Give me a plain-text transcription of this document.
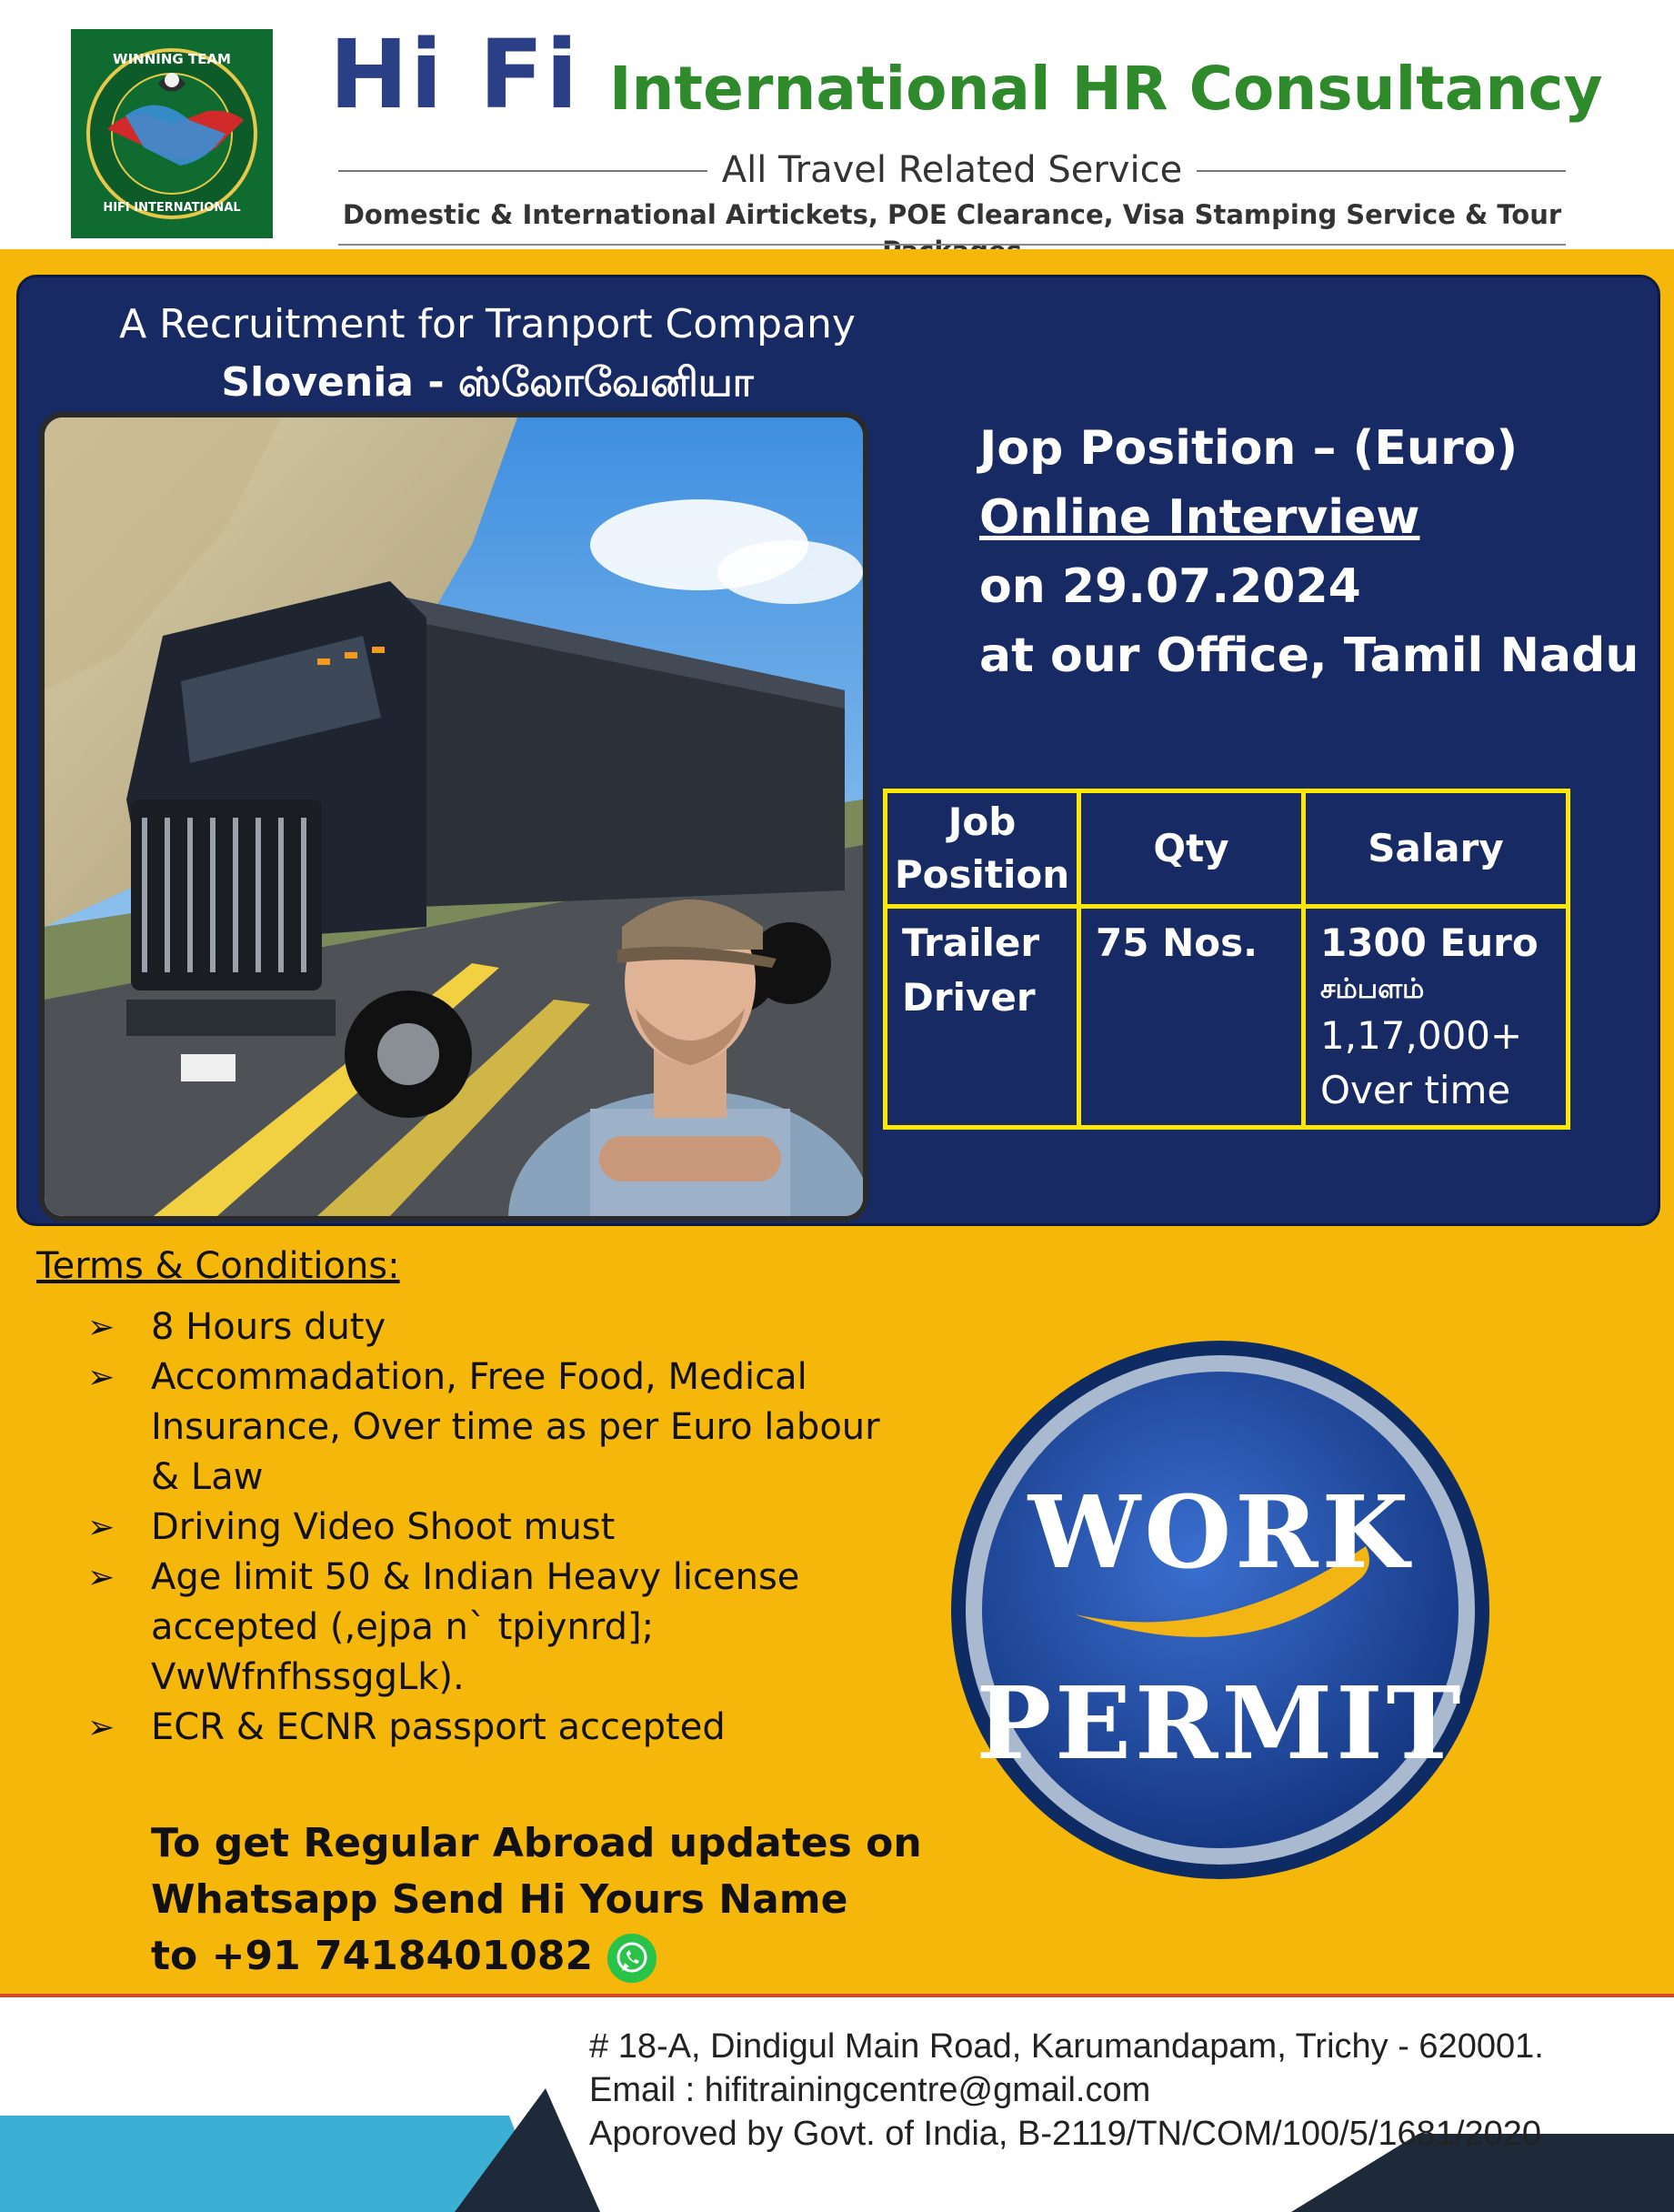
WINNING TEAM
HIFI INTERNATIONAL
Hi Fi International HR Consultancy
All Travel Related Service
Domestic & International Airtickets, POE Clearance, Visa Stamping Service & Tour
A Recruitment for Tranport Company
Slovenia - ஸ்லோவேனியா
Jop Position – (Euro)
Online Interview
on 29.07.2024
at our Office, Tamil Nadu
Job Position	Qty	Salary
Trailer Driver	75 Nos.	1300 Euro
சம்பளம்
1,17,000+
Over time
Terms & Conditions:
➢ 8 Hours duty
➢ Accommadation, Free Food, Medical Insurance, Over time as per Euro labour & Law
➢ Driving Video Shoot must
➢ Age limit 50 & Indian Heavy license accepted (,ejpa n` tpiynrd]; VwWfnfhssggLk).
➢ ECR & ECNR passport accepted
To get Regular Abroad updates on
Whatsapp Send Hi Yours Name
to +91 7418401082
WORK
PERMIT
# 18-A, Dindigul Main Road, Karumandapam, Trichy - 620001.
Email : hifitrainingcentre@gmail.com
Aporoved by Govt. of India, B-2119/TN/COM/100/5/1681/2020
